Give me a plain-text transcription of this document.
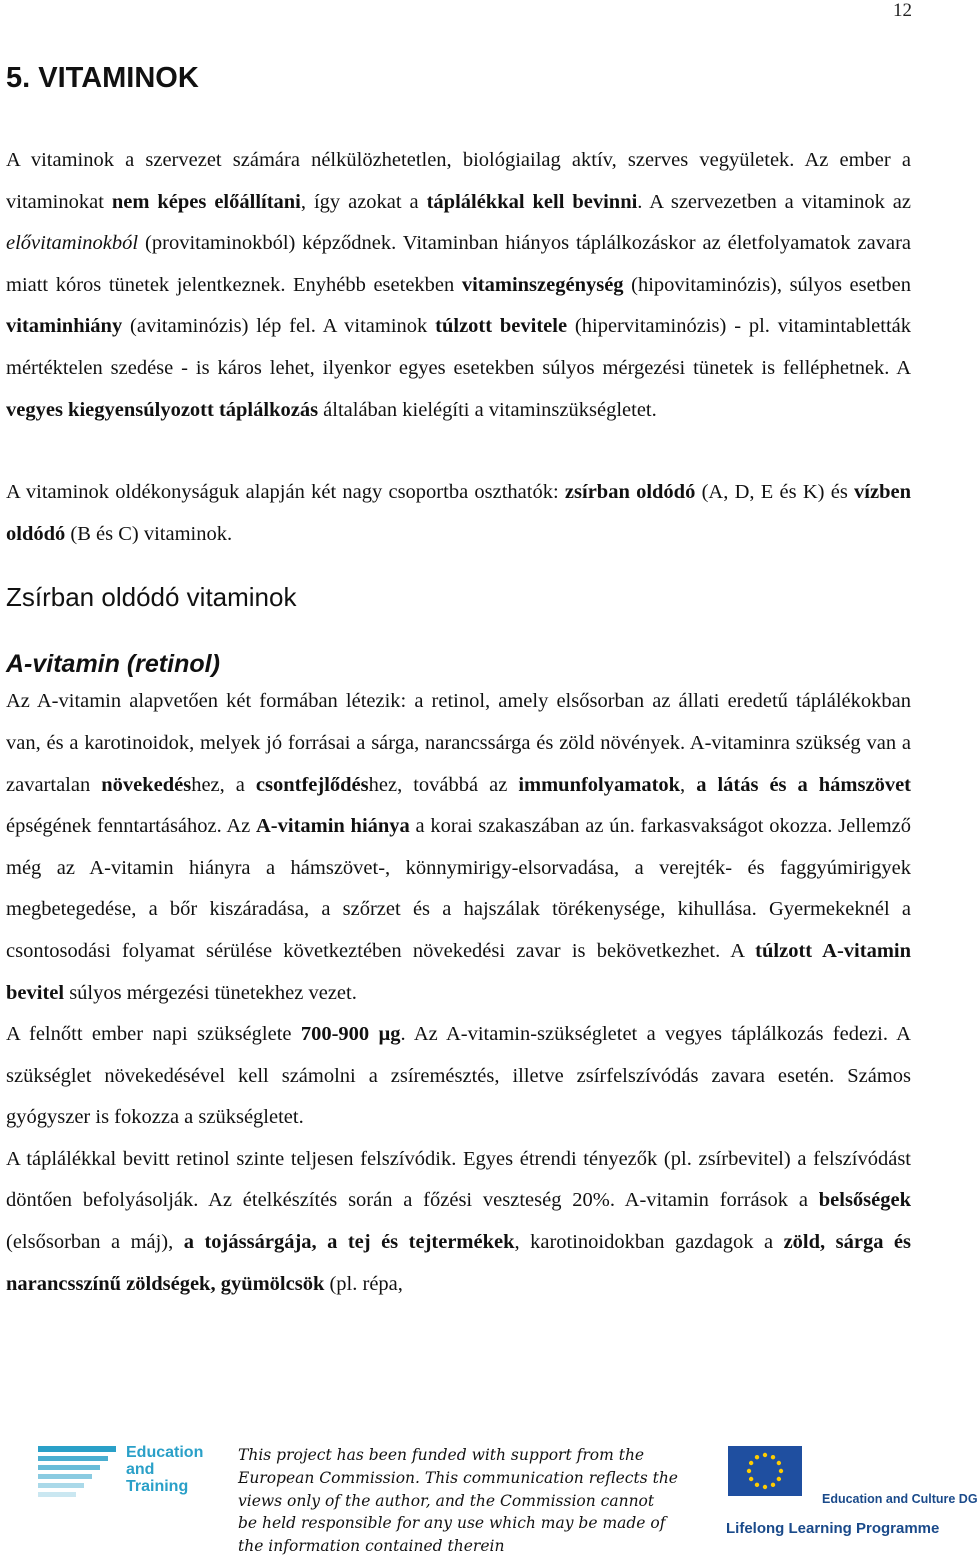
12
5. VITAMINOK

A vitaminok a szervezet számára nélkülözhetetlen, biológiailag aktív, szerves vegyületek. Az ember a vitaminokat nem képes előállítani, így azokat a táplálékkal kell bevinni. A szervezetben a vitaminok az elővitaminokból (provitaminokból) képződnek. Vitaminban hiányos táplálkozáskor az életfolyamatok zavara miatt kóros tünetek jelentkeznek. Enyhébb esetekben vitaminszegénység (hipovitaminózis), súlyos esetben vitaminhiány (avitaminózis) lép fel. A vitaminok túlzott bevitele (hipervitaminózis) - pl. vitamintabletták mértéktelen szedése - is káros lehet, ilyenkor egyes esetekben súlyos mérgezési tünetek is felléphetnek. A vegyes kiegyensúlyozott táplálkozás általában kielégíti a vitaminszükségletet.

A vitaminok oldékonyságuk alapján két nagy csoportba oszthatók: zsírban oldódó (A, D, E és K) és vízben oldódó (B és C) vitaminok.

Zsírban oldódó vitaminok
A-vitamin (retinol)

Az A-vitamin alapvetően két formában létezik: a retinol, amely elsősorban az állati eredetű táplálékokban van, és a karotinoidok, melyek jó forrásai a sárga, narancssárga és zöld növények. A-vitaminra szükség van a zavartalan növekedéshez, a csontfejlődéshez, továbbá az immunfolyamatok, a látás és a hámszövet épségének fenntartásához. Az A-vitamin hiánya a korai szakaszában az ún. farkasvakságot okozza. Jellemző még az A-vitamin hiányra a hámszövet-, könnymirigy-elsorvadása, a verejték- és faggyúmirigyek megbetegedése, a bőr kiszáradása, a szőrzet és a hajszálak törékenysége, kihullása. Gyermekeknél a csontosodási folyamat sérülése következtében növekedési zavar is bekövetkezhet. A túlzott A-vitamin bevitel súlyos mérgezési tünetekhez vezet.

A felnőtt ember napi szükséglete 700-900 µg. Az A-vitamin-szükségletet a vegyes táplálkozás fedezi. A szükséglet növekedésével kell számolni a zsíremésztés, illetve zsírfelszívódás zavara esetén. Számos gyógyszer is fokozza a szükségletet.

A táplálékkal bevitt retinol szinte teljesen felszívódik. Egyes étrendi tényezők (pl. zsírbevitel) a felszívódást döntően befolyásolják. Az ételkészítés során a főzési veszteség 20%. A-vitamin források a belsőségek (elsősorban a máj), a tojássárgája, a tej és tejtermékek, karotinoidokban gazdagok a zöld, sárga és narancsszínű zöldségek, gyümölcsök (pl. répa,

Education
and
Training
This project has been funded with support from the European Commission. This communication reflects the views only of the author, and the Commission cannot be held responsible for any use which may be made of the information contained therein
Education and Culture DG
Lifelong Learning Programme
